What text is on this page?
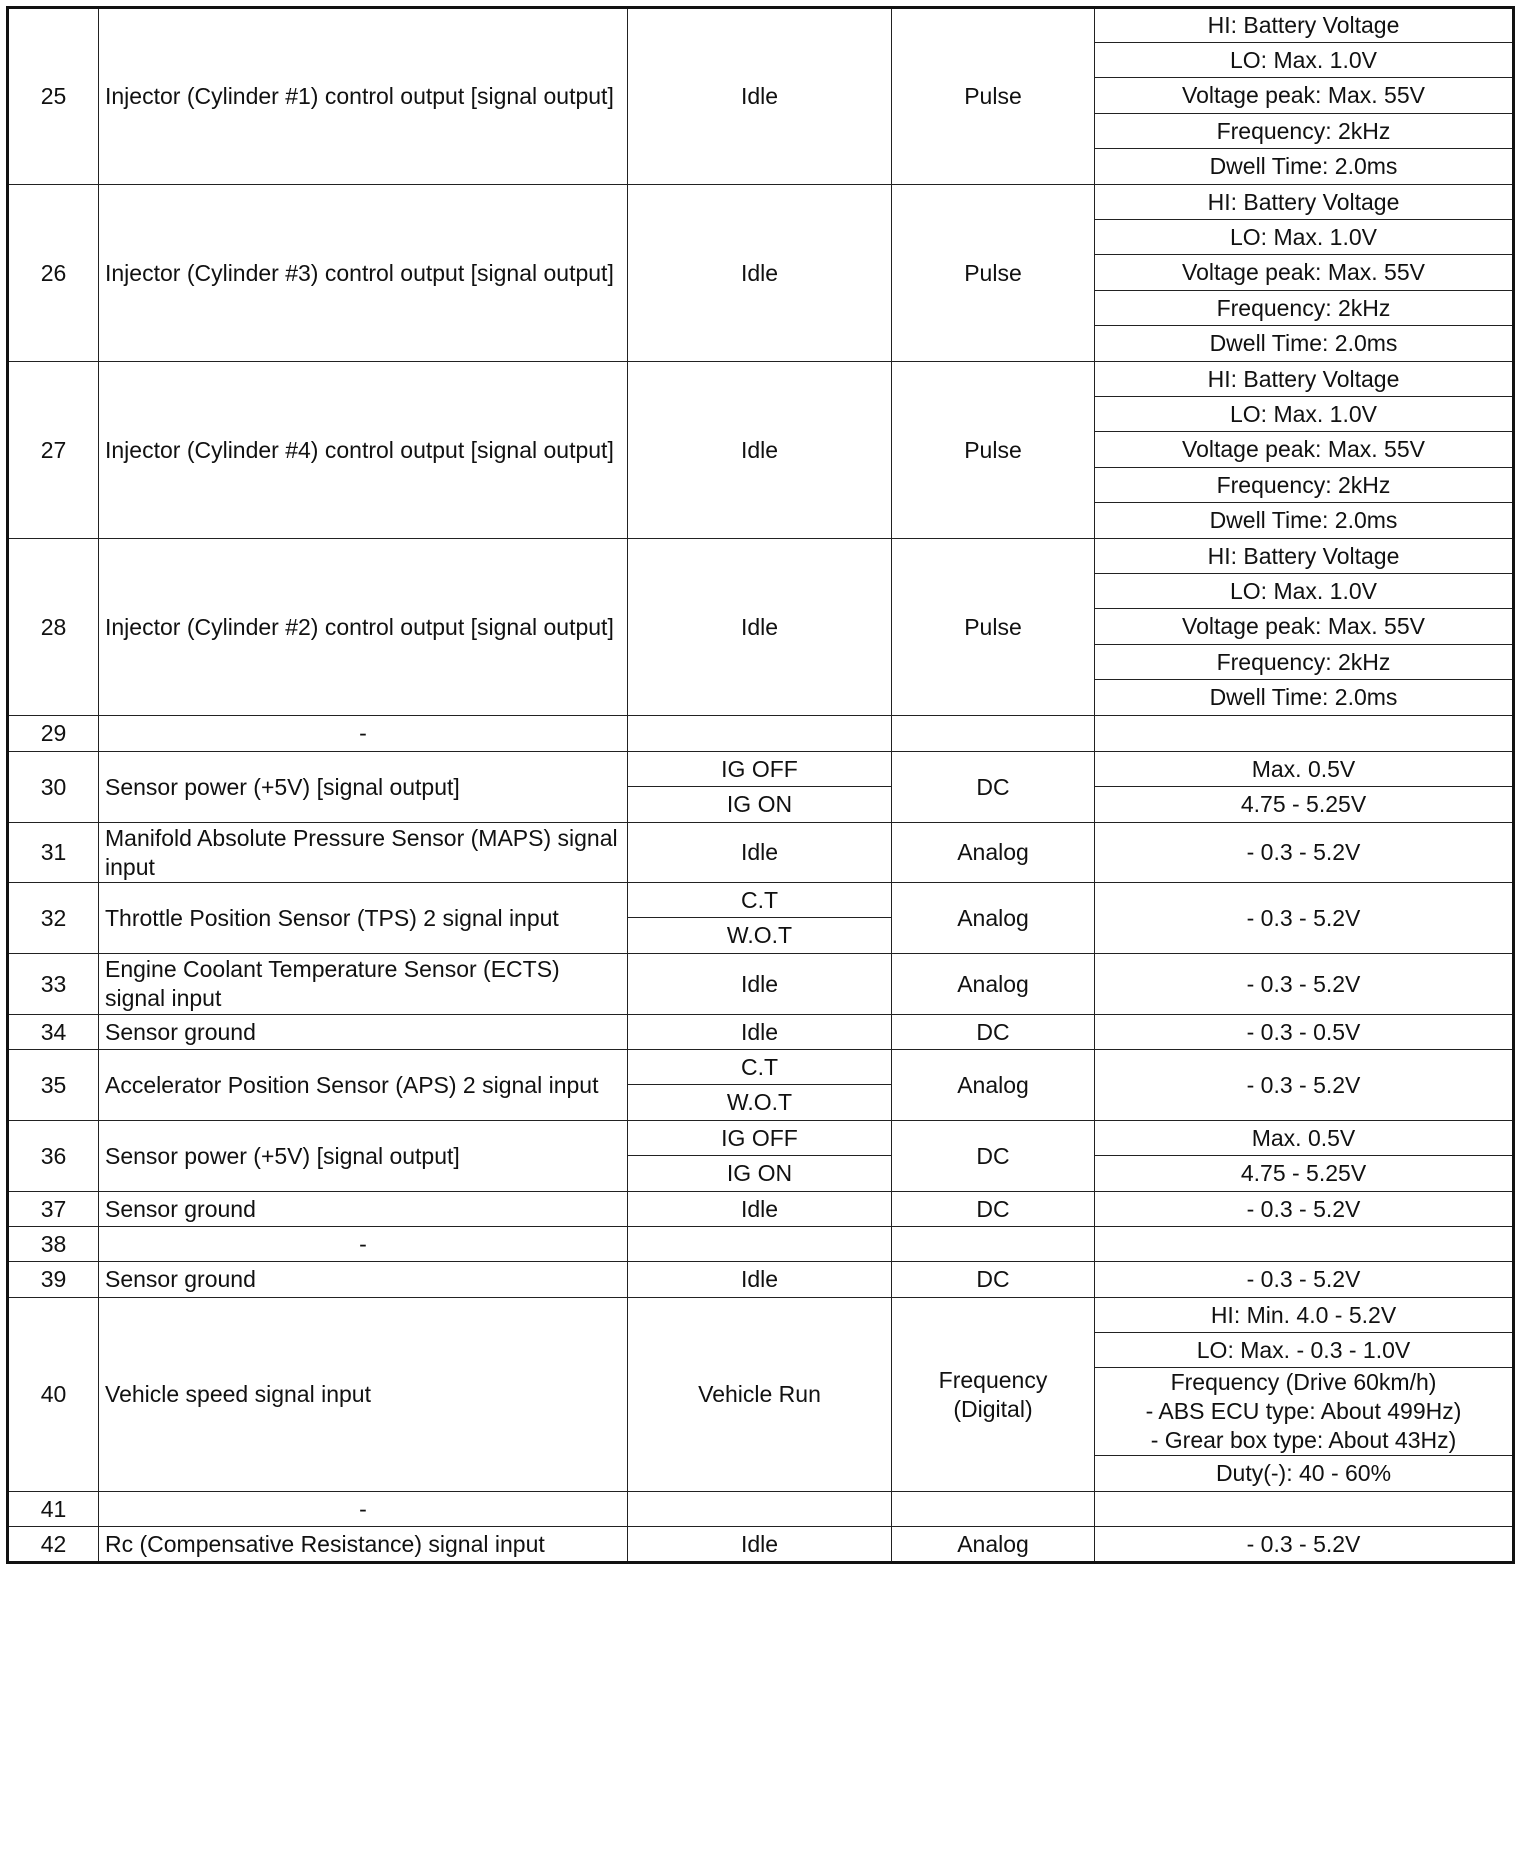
25	Injector (Cylinder #1) control output [signal output]	Idle	Pulse	HI: Battery Voltage
				LO: Max. 1.0V
				Voltage peak: Max. 55V
				Frequency: 2kHz
				Dwell Time: 2.0ms
26	Injector (Cylinder #3) control output [signal output]	Idle	Pulse	HI: Battery Voltage
				LO: Max. 1.0V
				Voltage peak: Max. 55V
				Frequency: 2kHz
				Dwell Time: 2.0ms
27	Injector (Cylinder #4) control output [signal output]	Idle	Pulse	HI: Battery Voltage
				LO: Max. 1.0V
				Voltage peak: Max. 55V
				Frequency: 2kHz
				Dwell Time: 2.0ms
28	Injector (Cylinder #2) control output [signal output]	Idle	Pulse	HI: Battery Voltage
				LO: Max. 1.0V
				Voltage peak: Max. 55V
				Frequency: 2kHz
				Dwell Time: 2.0ms
29	-			
30	Sensor power (+5V) [signal output]	IG OFF	DC	Max. 0.5V
		IG ON		4.75 - 5.25V
31	Manifold Absolute Pressure Sensor (MAPS) signal input	Idle	Analog	- 0.3 - 5.2V
32	Throttle Position Sensor (TPS) 2 signal input	C.T	Analog	- 0.3 - 5.2V
		W.O.T		
33	Engine Coolant Temperature Sensor (ECTS) signal input	Idle	Analog	- 0.3 - 5.2V
34	Sensor ground	Idle	DC	- 0.3 - 0.5V
35	Accelerator Position Sensor (APS) 2 signal input	C.T	Analog	- 0.3 - 5.2V
		W.O.T		
36	Sensor power (+5V) [signal output]	IG OFF	DC	Max. 0.5V
		IG ON		4.75 - 5.25V
37	Sensor ground	Idle	DC	- 0.3 - 5.2V
38	-			
39	Sensor ground	Idle	DC	- 0.3 - 5.2V
40	Vehicle speed signal input	Vehicle Run	Frequency (Digital)	HI: Min. 4.0 - 5.2V
				LO: Max. - 0.3 - 1.0V

				Frequency (Drive 60km/h)
- ABS ECU type: About 499Hz)
- Grear box type: About 43Hz)

				Duty(-): 40 - 60%
41	-			
42	Rc (Compensative Resistance) signal input	Idle	Analog	- 0.3 - 5.2V
